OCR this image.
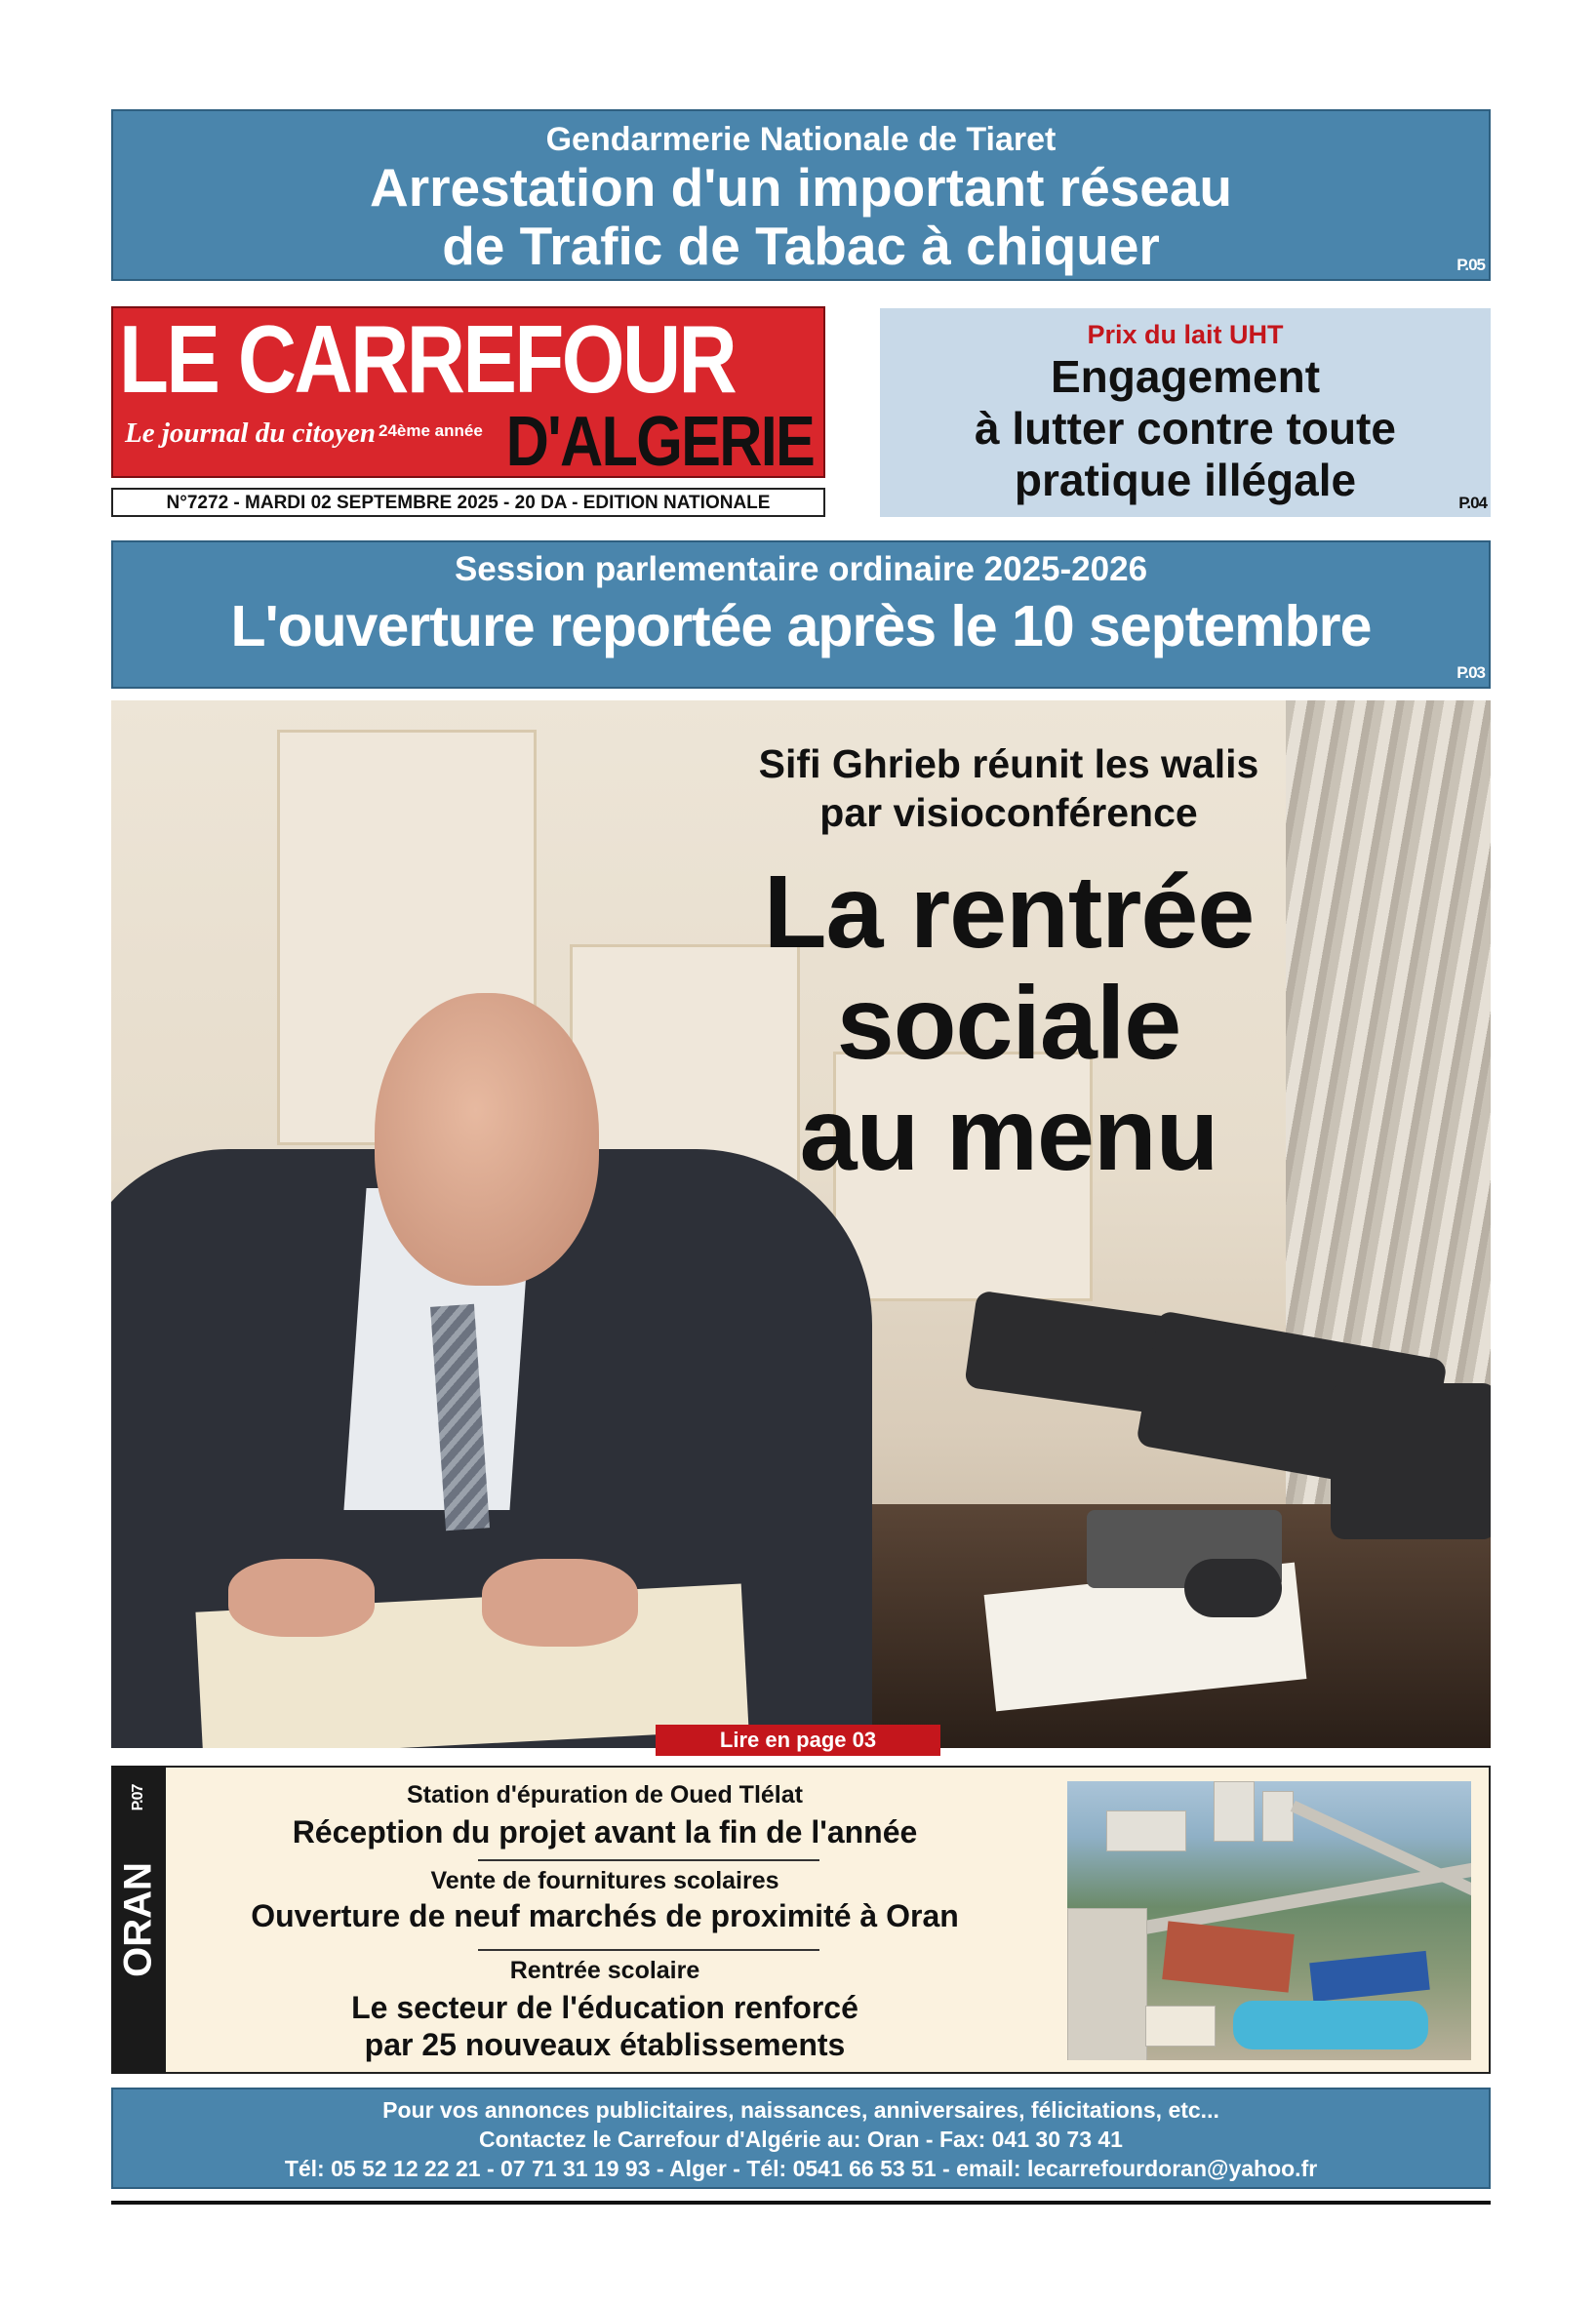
Gendarmerie Nationale de Tiaret
Arrestation d'un important réseau
de Trafic de Tabac à chiquer	P.05
LE CARREFOUR
Le journal du citoyen 24ème année D'ALGERIE
N°7272 - MARDI 02 SEPTEMBRE 2025 - 20 DA - EDITION NATIONALE
Prix du lait UHT
Engagement
à lutter contre toute
pratique illégale	P.04
Session parlementaire ordinaire 2025-2026
L'ouverture reportée après le 10 septembre
P.03
Sifi Ghrieb réunit les walis
par visioconférence
La rentrée
sociale
au menu
Lire en page 03
P.07
ORAN
Station d'épuration de Oued Tlélat
Réception du projet avant la fin de l'année
Vente de fournitures scolaires
Ouverture de neuf marchés de proximité à Oran
Rentrée scolaire
Le secteur de l'éducation renforcé
par 25 nouveaux établissements
Pour vos annonces publicitaires, naissances, anniversaires, félicitations, etc...
Contactez le Carrefour d'Algérie au: Oran - Fax: 041 30 73 41
Tél: 05 52 12 22 21 - 07 71 31 19 93 - Alger - Tél: 0541 66 53 51 - email: lecarrefourdoran@yahoo.fr
